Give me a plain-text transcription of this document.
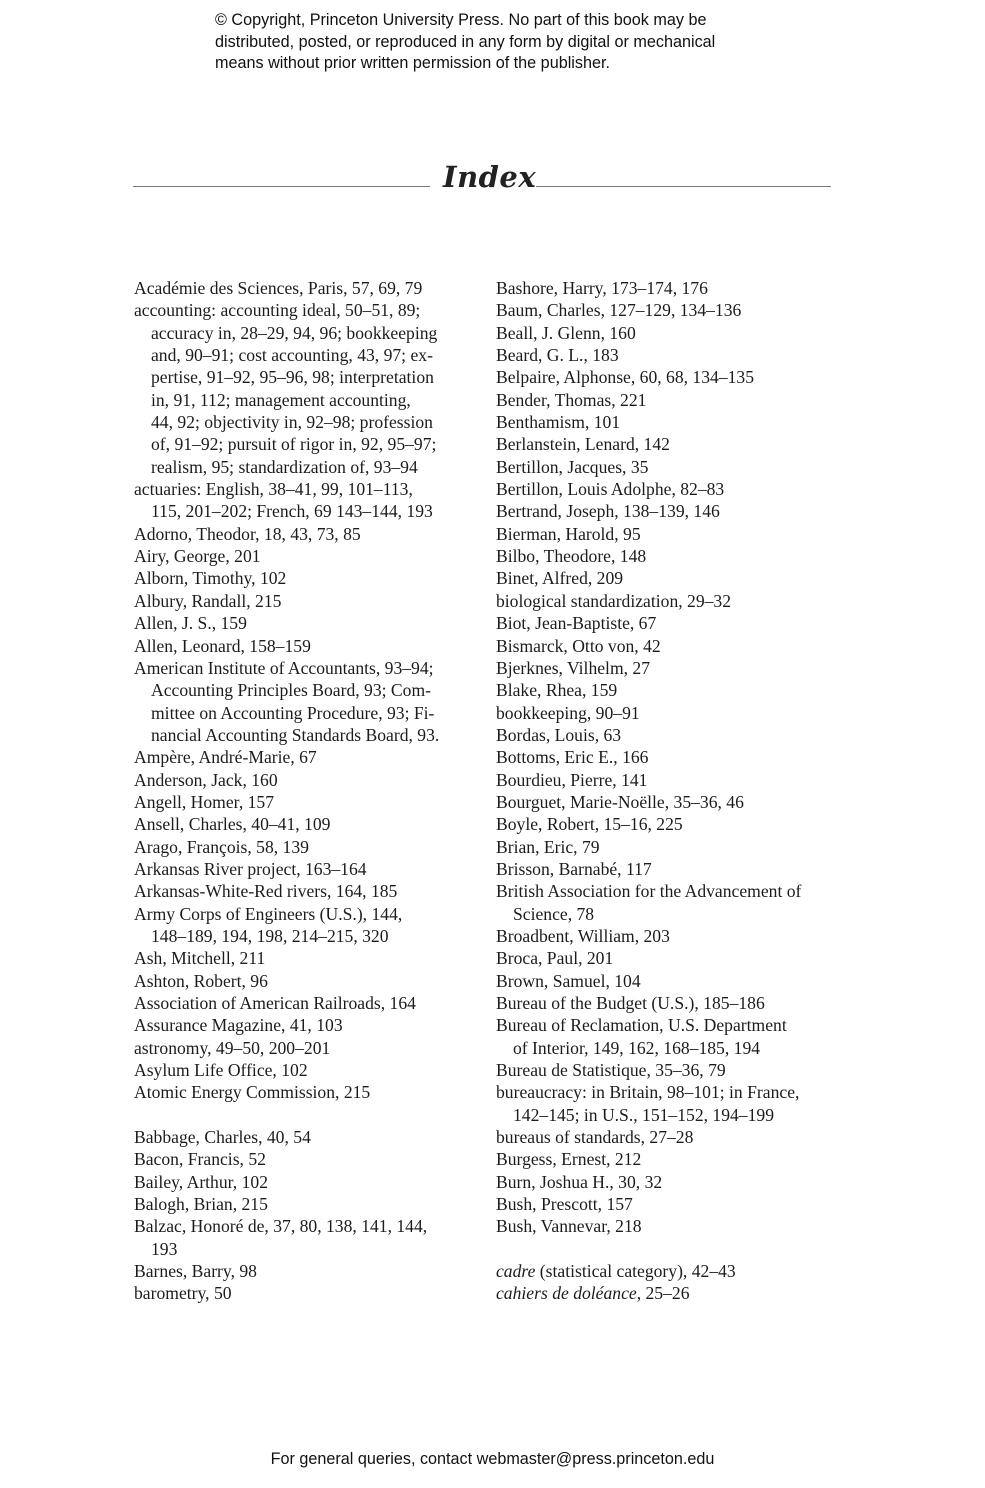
© Copyright, Princeton University Press. No part of this book may be
distributed, posted, or reproduced in any form by digital or mechanical
means without prior written permission of the publisher.
Index
Académie des Sciences, Paris, 57, 69, 79
accounting: accounting ideal, 50–51, 89;
accuracy in, 28–29, 94, 96; bookkeeping
and, 90–91; cost accounting, 43, 97; ex-
pertise, 91–92, 95–96, 98; interpretation
in, 91, 112; management accounting,
44, 92; objectivity in, 92–98; profession
of, 91–92; pursuit of rigor in, 92, 95–97;
realism, 95; standardization of, 93–94
actuaries: English, 38–41, 99, 101–113,
115, 201–202; French, 69 143–144, 193
Adorno, Theodor, 18, 43, 73, 85
Airy, George, 201
Alborn, Timothy, 102
Albury, Randall, 215
Allen, J. S., 159
Allen, Leonard, 158–159
American Institute of Accountants, 93–94;
Accounting Principles Board, 93; Com-
mittee on Accounting Procedure, 93; Fi-
nancial Accounting Standards Board, 93.
Ampère, André-Marie, 67
Anderson, Jack, 160
Angell, Homer, 157
Ansell, Charles, 40–41, 109
Arago, François, 58, 139
Arkansas River project, 163–164
Arkansas-White-Red rivers, 164, 185
Army Corps of Engineers (U.S.), 144,
148–189, 194, 198, 214–215, 320
Ash, Mitchell, 211
Ashton, Robert, 96
Association of American Railroads, 164
Assurance Magazine, 41, 103
astronomy, 49–50, 200–201
Asylum Life Office, 102
Atomic Energy Commission, 215
Babbage, Charles, 40, 54
Bacon, Francis, 52
Bailey, Arthur, 102
Balogh, Brian, 215
Balzac, Honoré de, 37, 80, 138, 141, 144,
193
Barnes, Barry, 98
barometry, 50
Bashore, Harry, 173–174, 176
Baum, Charles, 127–129, 134–136
Beall, J. Glenn, 160
Beard, G. L., 183
Belpaire, Alphonse, 60, 68, 134–135
Bender, Thomas, 221
Benthamism, 101
Berlanstein, Lenard, 142
Bertillon, Jacques, 35
Bertillon, Louis Adolphe, 82–83
Bertrand, Joseph, 138–139, 146
Bierman, Harold, 95
Bilbo, Theodore, 148
Binet, Alfred, 209
biological standardization, 29–32
Biot, Jean-Baptiste, 67
Bismarck, Otto von, 42
Bjerknes, Vilhelm, 27
Blake, Rhea, 159
bookkeeping, 90–91
Bordas, Louis, 63
Bottoms, Eric E., 166
Bourdieu, Pierre, 141
Bourguet, Marie-Noëlle, 35–36, 46
Boyle, Robert, 15–16, 225
Brian, Eric, 79
Brisson, Barnabé, 117
British Association for the Advancement of
Science, 78
Broadbent, William, 203
Broca, Paul, 201
Brown, Samuel, 104
Bureau of the Budget (U.S.), 185–186
Bureau of Reclamation, U.S. Department
of Interior, 149, 162, 168–185, 194
Bureau de Statistique, 35–36, 79
bureaucracy: in Britain, 98–101; in France,
142–145; in U.S., 151–152, 194–199
bureaus of standards, 27–28
Burgess, Ernest, 212
Burn, Joshua H., 30, 32
Bush, Prescott, 157
Bush, Vannevar, 218
cadre (statistical category), 42–43
cahiers de doléance, 25–26
For general queries, contact webmaster@press.princeton.edu
